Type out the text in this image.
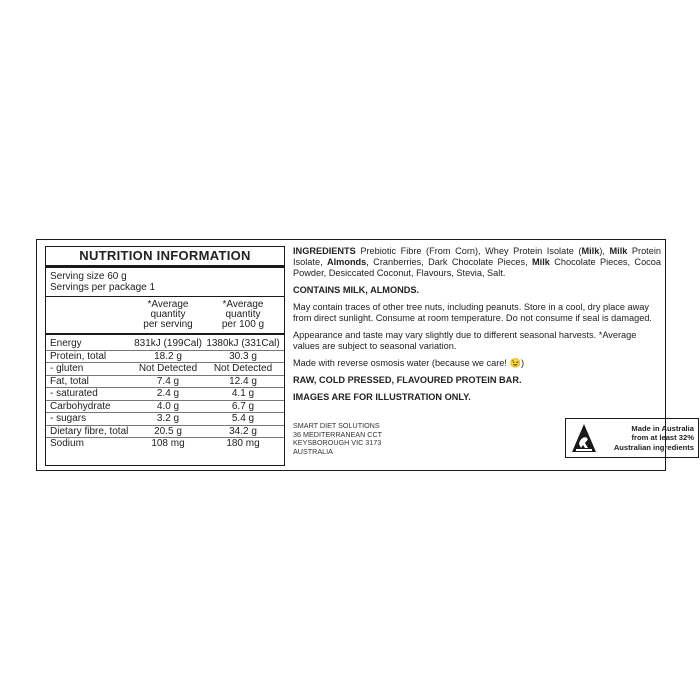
NUTRITION INFORMATION
Serving size 60 g
Servings per package 1
*Average
quantity
per serving
*Average
quantity
per 100 g
Energy	831kJ (199Cal) 1380kJ (331Cal)
Protein, total	18.2 g	30.3 g
- gluten	Not Detected	Not Detected
Fat, total	7.4 g	12.4 g
- saturated	2.4 g	4.1 g
Carbohydrate	4.0 g	6.7 g
- sugars	3.2 g	5.4 g
Dietary fibre, total	20.5 g	34.2 g
Sodium	108 mg	180 mg

INGREDIENTS Prebiotic Fibre (From Corn), Whey Protein Isolate (Milk), Milk Protein Isolate, Almonds, Cranberries, Dark Chocolate Pieces, Milk Chocolate Pieces, Cocoa Powder, Desiccated Coconut, Flavours, Stevia, Salt.

CONTAINS MILK, ALMONDS.

May contain traces of other tree nuts, including peanuts. Store in a cool, dry place away from direct sunlight. Consume at room temperature. Do not consume if seal is damaged.

Appearance and taste may vary slightly due to different seasonal harvests. *Average values are subject to seasonal variation.

Made with reverse osmosis water (because we care! 😉)

RAW, COLD PRESSED, FLAVOURED PROTEIN BAR.

IMAGES ARE FOR ILLUSTRATION ONLY.

SMART DIET SOLUTIONS
36 MEDITERRANEAN CCT
KEYSBOROUGH VIC 3173
AUSTRALIA
Made in Australia
from at least 32%
Australian ingredients
